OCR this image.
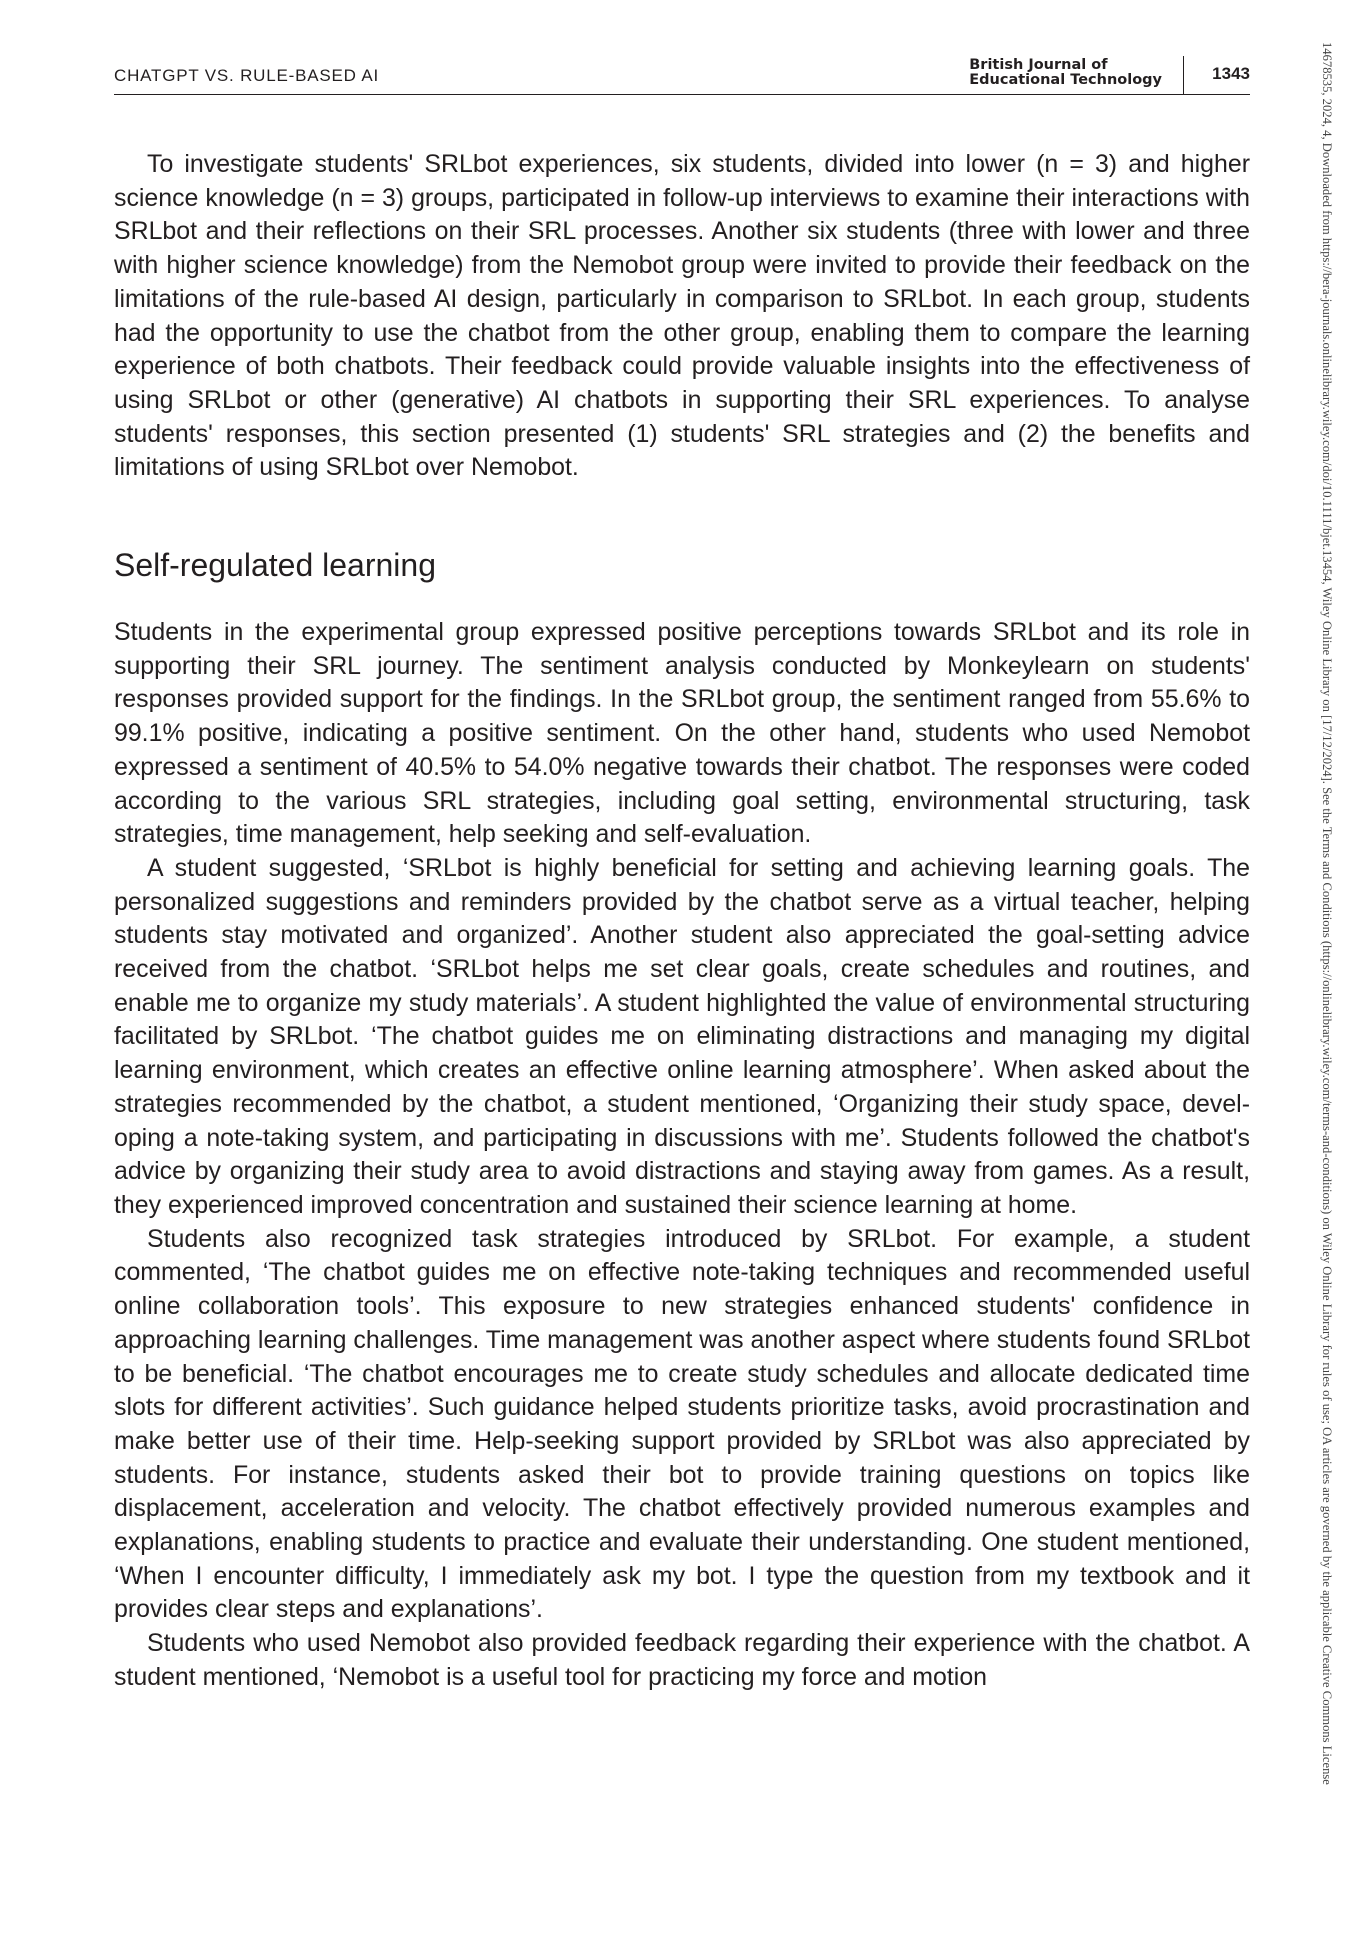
CHATGPT VS. RULE-BASED AI
British Journal of
Educational Technology	1343	14678535, 2024, 4, Downloaded from https://bera-journals.onlinelibrary.wiley.com/doi/10.1111/bjet.13454, Wiley Online Library on [17/12/2024]. See the Terms and Conditions (https://onlinelibrary.wiley.com/terms-and-conditions) on Wiley Online Library for rules of use; OA articles are governed by the applicable Creative Commons License

To investigate students' SRLbot experiences, six students, divided into lower (n = 3) and higher science knowledge (n = 3) groups, participated in follow-up interviews to examine their interactions with SRLbot and their reflections on their SRL processes. Another six students (three with lower and three with higher science knowledge) from the Nemobot group were invited to provide their feedback on the limitations of the rule-based AI design, particularly in comparison to SRLbot. In each group, students had the opportunity to use the chatbot from the other group, enabling them to compare the learning experience of both chatbots. Their feedback could provide valuable insights into the effectiveness of using SRLbot or other (generative) AI chatbots in supporting their SRL experiences. To analyse students' responses, this section presented (1) students' SRL strategies and (2) the benefits and limitations of using SRLbot over Nemobot.

Self-regulated learning

Students in the experimental group expressed positive perceptions towards SRLbot and its role in supporting their SRL journey. The sentiment analysis conducted by Monkeylearn on students' responses provided support for the findings. In the SRLbot group, the sentiment ranged from 55.6% to 99.1% positive, indicating a positive sentiment. On the other hand, students who used Nemobot expressed a sentiment of 40.5% to 54.0% negative towards their chatbot. The responses were coded according to the various SRL strategies, including goal setting, environmental structuring, task strategies, time management, help seeking and self-evaluation.

A student suggested, ‘SRLbot is highly beneficial for setting and achieving learning goals. The personalized suggestions and reminders provided by the chatbot serve as a virtual teacher, helping students stay motivated and organized’. Another student also appreciated the goal-setting advice received from the chatbot. ‘SRLbot helps me set clear goals, create schedules and routines, and enable me to organize my study materials’. A student highlighted the value of environmental structuring facilitated by SRLbot. ‘The chatbot guides me on eliminating distractions and managing my digital learning environment, which creates an effective online learning atmosphere’. When asked about the strategies recommended by the chatbot, a student mentioned, ‘Organizing their study space, developing a note-taking system, and participating in discussions with me’. Students followed the chatbot's advice by organizing their study area to avoid distractions and staying away from games. As a result, they experienced improved concentration and sustained their science learning at home.

Students also recognized task strategies introduced by SRLbot. For example, a student commented, ‘The chatbot guides me on effective note-taking techniques and recommended useful online collaboration tools’. This exposure to new strategies enhanced students' confidence in approaching learning challenges. Time management was another aspect where students found SRLbot to be beneficial. ‘The chatbot encourages me to create study schedules and allocate dedicated time slots for different activities’. Such guidance helped students prioritize tasks, avoid procrastination and make better use of their time. Help-seeking support provided by SRLbot was also appreciated by students. For instance, students asked their bot to provide training questions on topics like displacement, acceleration and velocity. The chatbot effectively provided numerous examples and explanations, enabling students to practice and evaluate their understanding. One student mentioned, ‘When I encounter difficulty, I immediately ask my bot. I type the question from my textbook and it provides clear steps and explanations’.

Students who used Nemobot also provided feedback regarding their experience with the chatbot. A student mentioned, ‘Nemobot is a useful tool for practicing my force and motion
